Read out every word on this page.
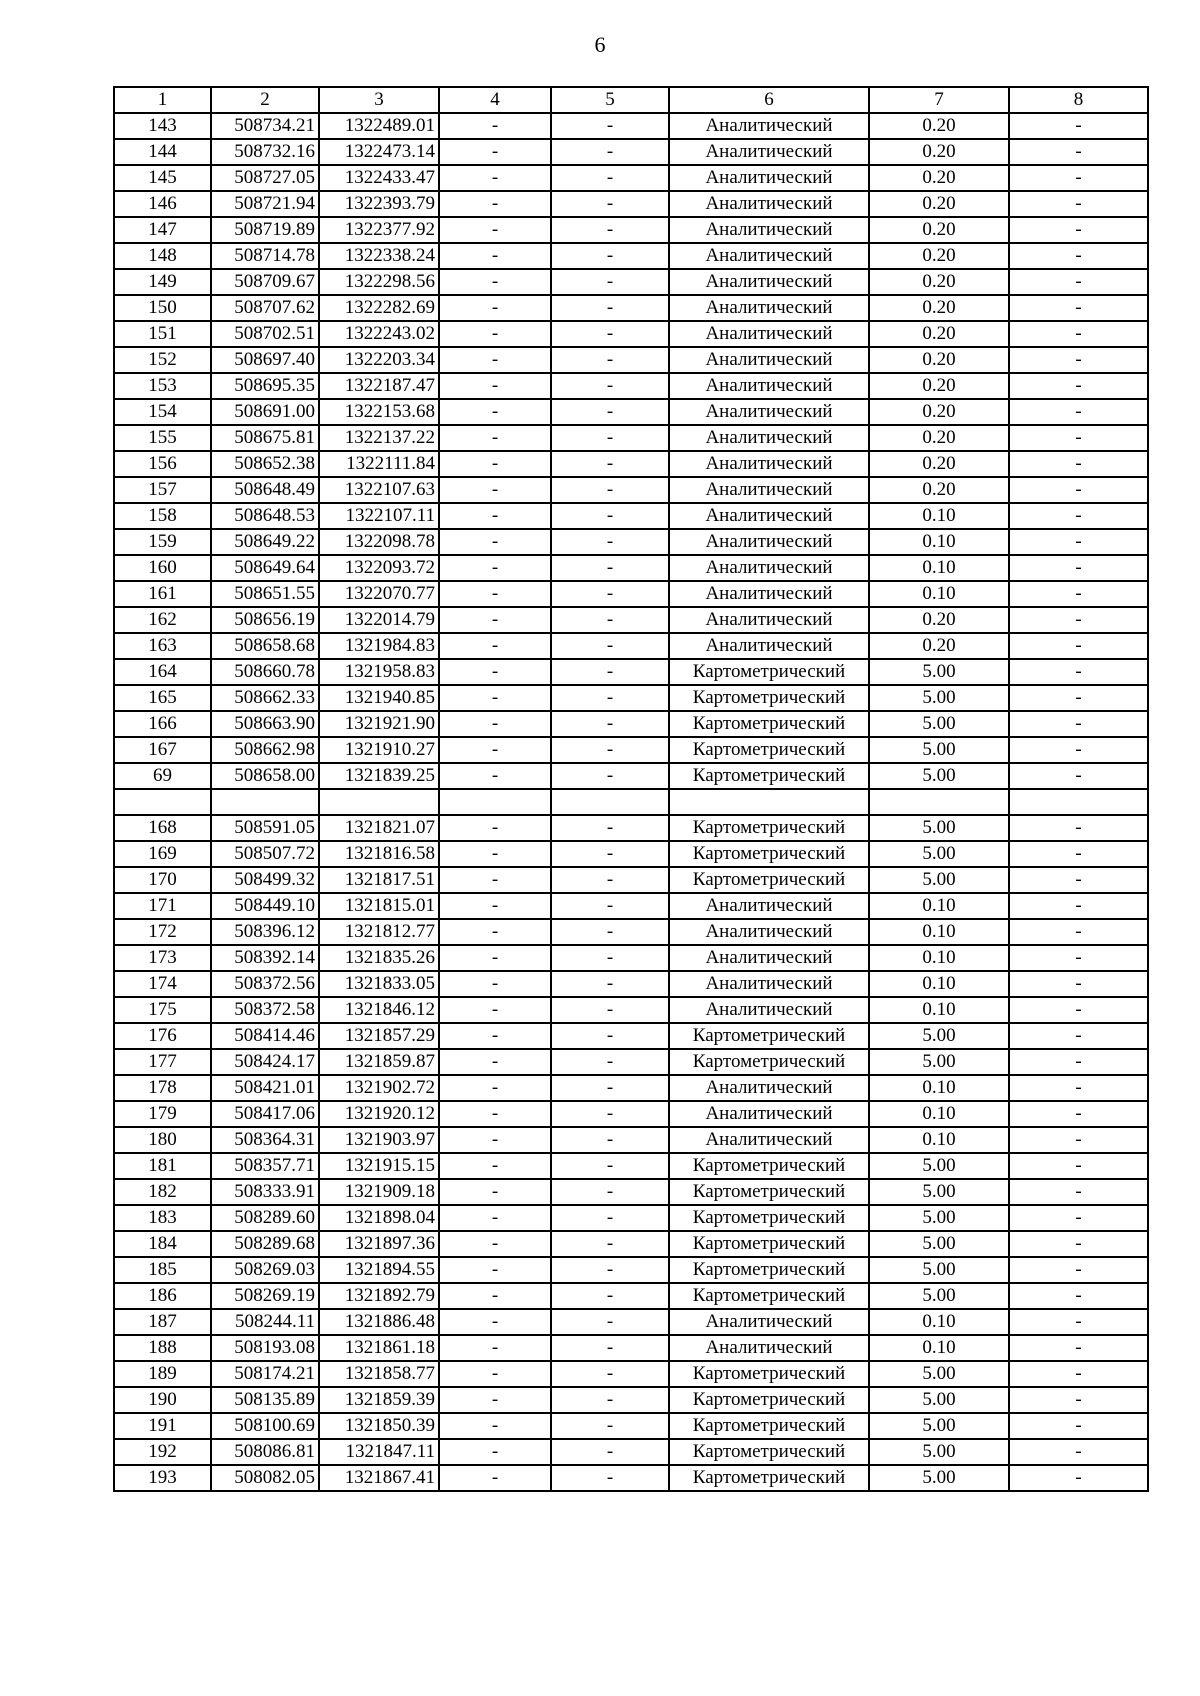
6
1	2	3	4	5	6	7	8
143	508734.21	1322489.01	-	-	Аналитический	0.20	-
144	508732.16	1322473.14	-	-	Аналитический	0.20	-
145	508727.05	1322433.47	-	-	Аналитический	0.20	-
146	508721.94	1322393.79	-	-	Аналитический	0.20	-
147	508719.89	1322377.92	-	-	Аналитический	0.20	-
148	508714.78	1322338.24	-	-	Аналитический	0.20	-
149	508709.67	1322298.56	-	-	Аналитический	0.20	-
150	508707.62	1322282.69	-	-	Аналитический	0.20	-
151	508702.51	1322243.02	-	-	Аналитический	0.20	-
152	508697.40	1322203.34	-	-	Аналитический	0.20	-
153	508695.35	1322187.47	-	-	Аналитический	0.20	-
154	508691.00	1322153.68	-	-	Аналитический	0.20	-
155	508675.81	1322137.22	-	-	Аналитический	0.20	-
156	508652.38	1322111.84	-	-	Аналитический	0.20	-
157	508648.49	1322107.63	-	-	Аналитический	0.20	-
158	508648.53	1322107.11	-	-	Аналитический	0.10	-
159	508649.22	1322098.78	-	-	Аналитический	0.10	-
160	508649.64	1322093.72	-	-	Аналитический	0.10	-
161	508651.55	1322070.77	-	-	Аналитический	0.10	-
162	508656.19	1322014.79	-	-	Аналитический	0.20	-
163	508658.68	1321984.83	-	-	Аналитический	0.20	-
164	508660.78	1321958.83	-	-	Картометрический	5.00	-
165	508662.33	1321940.85	-	-	Картометрический	5.00	-
166	508663.90	1321921.90	-	-	Картометрический	5.00	-
167	508662.98	1321910.27	-	-	Картометрический	5.00	-
69	508658.00	1321839.25	-	-	Картометрический	5.00	-

168	508591.05	1321821.07	-	-	Картометрический	5.00	-
169	508507.72	1321816.58	-	-	Картометрический	5.00	-
170	508499.32	1321817.51	-	-	Картометрический	5.00	-
171	508449.10	1321815.01	-	-	Аналитический	0.10	-
172	508396.12	1321812.77	-	-	Аналитический	0.10	-
173	508392.14	1321835.26	-	-	Аналитический	0.10	-
174	508372.56	1321833.05	-	-	Аналитический	0.10	-
175	508372.58	1321846.12	-	-	Аналитический	0.10	-
176	508414.46	1321857.29	-	-	Картометрический	5.00	-
177	508424.17	1321859.87	-	-	Картометрический	5.00	-
178	508421.01	1321902.72	-	-	Аналитический	0.10	-
179	508417.06	1321920.12	-	-	Аналитический	0.10	-
180	508364.31	1321903.97	-	-	Аналитический	0.10	-
181	508357.71	1321915.15	-	-	Картометрический	5.00	-
182	508333.91	1321909.18	-	-	Картометрический	5.00	-
183	508289.60	1321898.04	-	-	Картометрический	5.00	-
184	508289.68	1321897.36	-	-	Картометрический	5.00	-
185	508269.03	1321894.55	-	-	Картометрический	5.00	-
186	508269.19	1321892.79	-	-	Картометрический	5.00	-
187	508244.11	1321886.48	-	-	Аналитический	0.10	-
188	508193.08	1321861.18	-	-	Аналитический	0.10	-
189	508174.21	1321858.77	-	-	Картометрический	5.00	-
190	508135.89	1321859.39	-	-	Картометрический	5.00	-
191	508100.69	1321850.39	-	-	Картометрический	5.00	-
192	508086.81	1321847.11	-	-	Картометрический	5.00	-
193	508082.05	1321867.41	-	-	Картометрический	5.00	-
